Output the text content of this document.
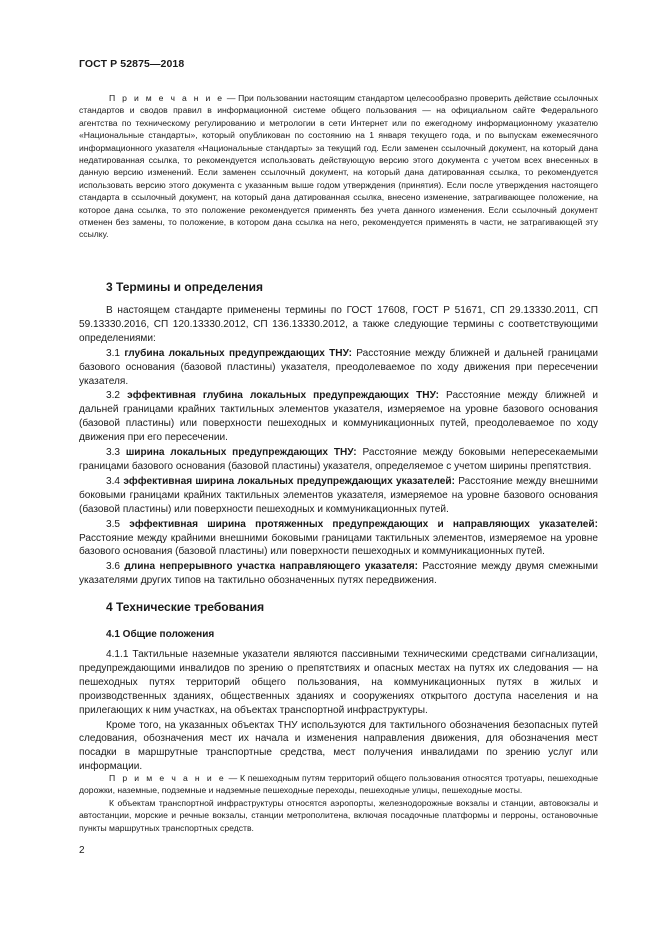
ГОСТ Р 52875—2018

П р и м е ч а н и е — При пользовании настоящим стандартом целесообразно проверить действие ссылочных стандартов и сводов правил в информационной системе общего пользования — на официальном сайте Федерального агентства по техническому регулированию и метрологии в сети Интернет или по ежегодному информационному указателю «Национальные стандарты», который опубликован по состоянию на 1 января текущего года, и по выпускам ежемесячного информационного указателя «Национальные стандарты» за текущий год. Если заменен ссылочный документ, на который дана недатированная ссылка, то рекомендуется использовать действующую версию этого документа с учетом всех внесенных в данную версию изменений. Если заменен ссылочный документ, на который дана датированная ссылка, то рекомендуется использовать версию этого документа с указанным выше годом утверждения (принятия). Если после утверждения настоящего стандарта в ссылочный документ, на который дана датированная ссылка, внесено изменение, затрагивающее положение, на которое дана ссылка, то это положение рекомендуется применять без учета данного изменения. Если ссылочный документ отменен без замены, то положение, в котором дана ссылка на него, рекомендуется применять в части, не затрагивающей эту ссылку.

3 Термины и определения

В настоящем стандарте применены термины по ГОСТ 17608, ГОСТ Р 51671, СП 29.13330.2011, СП 59.13330.2016, СП 120.13330.2012, СП 136.13330.2012, а также следующие термины с соответствующими определениями:

3.1 глубина локальных предупреждающих ТНУ: Расстояние между ближней и дальней границами базового основания (базовой пластины) указателя, преодолеваемое по ходу движения при пересечении указателя.

3.2 эффективная глубина локальных предупреждающих ТНУ: Расстояние между ближней и дальней границами крайних тактильных элементов указателя, измеряемое на уровне базового основания (базовой пластины) или поверхности пешеходных и коммуникационных путей, преодолеваемое по ходу движения при его пересечении.

3.3 ширина локальных предупреждающих ТНУ: Расстояние между боковыми непересекаемыми границами базового основания (базовой пластины) указателя, определяемое с учетом ширины препятствия.

3.4 эффективная ширина локальных предупреждающих указателей: Расстояние между внешними боковыми границами крайних тактильных элементов указателя, измеряемое на уровне базового основания (базовой пластины) или поверхности пешеходных и коммуникационных путей.

3.5 эффективная ширина протяженных предупреждающих и направляющих указателей: Расстояние между крайними внешними боковыми границами тактильных элементов, измеряемое на уровне базового основания (базовой пластины) или поверхности пешеходных и коммуникационных путей.

3.6 длина непрерывного участка направляющего указателя: Расстояние между двумя смежными указателями других типов на тактильно обозначенных путях передвижения.

4 Технические требования
4.1 Общие положения

4.1.1 Тактильные наземные указатели являются пассивными техническими средствами сигнализации, предупреждающими инвалидов по зрению о препятствиях и опасных местах на путях их следования — на пешеходных путях территорий общего пользования, на коммуникационных путях в жилых и производственных зданиях, общественных зданиях и сооружениях открытого доступа населения и на прилегающих к ним участках, на объектах транспортной инфраструктуры.

Кроме того, на указанных объектах ТНУ используются для тактильного обозначения безопасных путей следования, обозначения мест их начала и изменения направления движения, для обозначения мест посадки в маршрутные транспортные средства, мест получения инвалидами по зрению услуг или информации.

П р и м е ч а н и е — К пешеходным путям территорий общего пользования относятся тротуары, пешеходные дорожки, наземные, подземные и надземные пешеходные переходы, пешеходные улицы, пешеходные мосты.

К объектам транспортной инфраструктуры относятся аэропорты, железнодорожные вокзалы и станции, автовокзалы и автостанции, морские и речные вокзалы, станции метрополитена, включая посадочные платформы и перроны, остановочные пункты маршрутных транспортных средств.

2
